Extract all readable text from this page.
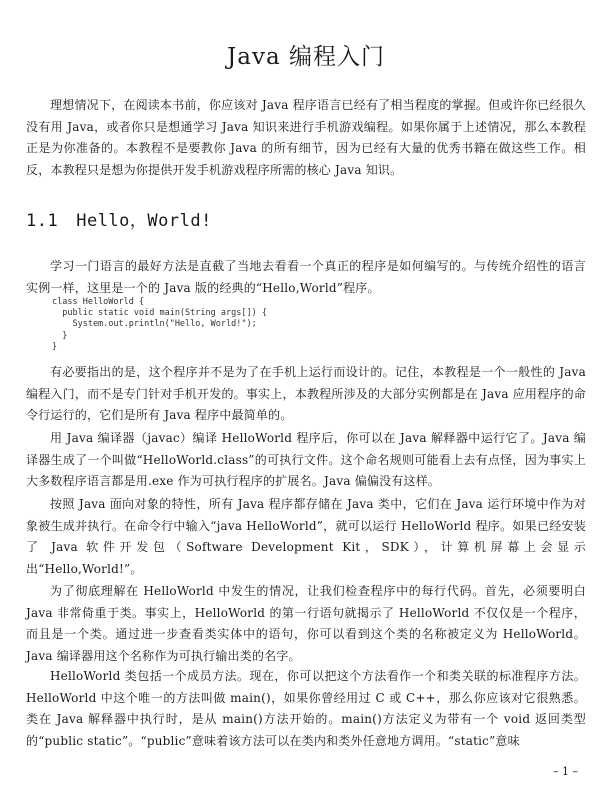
Java 编程入门

理想情况下，在阅读本书前，你应该对 Java 程序语言已经有了相当程度的掌握。但或许你已经很久没有用 Java，或者你只是想通学习 Java 知识来进行手机游戏编程。如果你属于上述情况，那么本教程正是为你准备的。本教程不是要教你 Java 的所有细节，因为已经有大量的优秀书籍在做这些工作。相反，本教程只是想为你提供开发手机游戏程序所需的核心 Java 知识。

1.1 Hello，World!

学习一门语言的最好方法是直截了当地去看看一个真正的程序是如何编写的。与传统介绍性的语言实例一样，这里是一个的 Java 版的经典的“Hello,World”程序。

class HelloWorld {
public static void main(String args[]) {
System.out.println("Hello, World!");
}
}

有必要指出的是，这个程序并不是为了在手机上运行而设计的。记住，本教程是一个一般性的 Java 编程入门，而不是专门针对手机开发的。事实上，本教程所涉及的大部分实例都是在 Java 应用程序的命令行运行的，它们是所有 Java 程序中最简单的。

用 Java 编译器（javac）编译 HelloWorld 程序后，你可以在 Java 解释器中运行它了。Java 编译器生成了一个叫做“HelloWorld.class”的可执行文件。这个命名规则可能看上去有点怪，因为事实上大多数程序语言都是用.exe 作为可执行程序的扩展名。Java 偏偏没有这样。

按照 Java 面向对象的特性，所有 Java 程序都存储在 Java 类中，它们在 Java 运行环境中作为对象被生成并执行。在命令行中输入“java HelloWorld”，就可以运行 HelloWorld 程序。如果已经安装了 Java 软件开发包（Software Development Kit，SDK），计算机屏幕上会显示出“Hello,World!”。

为了彻底理解在 HelloWorld 中发生的情况，让我们检查程序中的每行代码。首先，必须要明白 Java 非常倚重于类。事实上，HelloWorld 的第一行语句就揭示了 HelloWorld 不仅仅是一个程序，而且是一个类。通过进一步查看类实体中的语句，你可以看到这个类的名称被定义为 HelloWorld。Java 编译器用这个名称作为可执行输出类的名字。

HelloWorld 类包括一个成员方法。现在，你可以把这个方法看作一个和类关联的标准程序方法。HelloWorld 中这个唯一的方法叫做 main()，如果你曾经用过 C 或 C++，那么你应该对它很熟悉。类在 Java 解释器中执行时，是从 main()方法开始的。main()方法定义为带有一个 void 返回类型的“public static”。“public”意味着该方法可以在类内和类外任意地方调用。“static”意味

– 1 –
